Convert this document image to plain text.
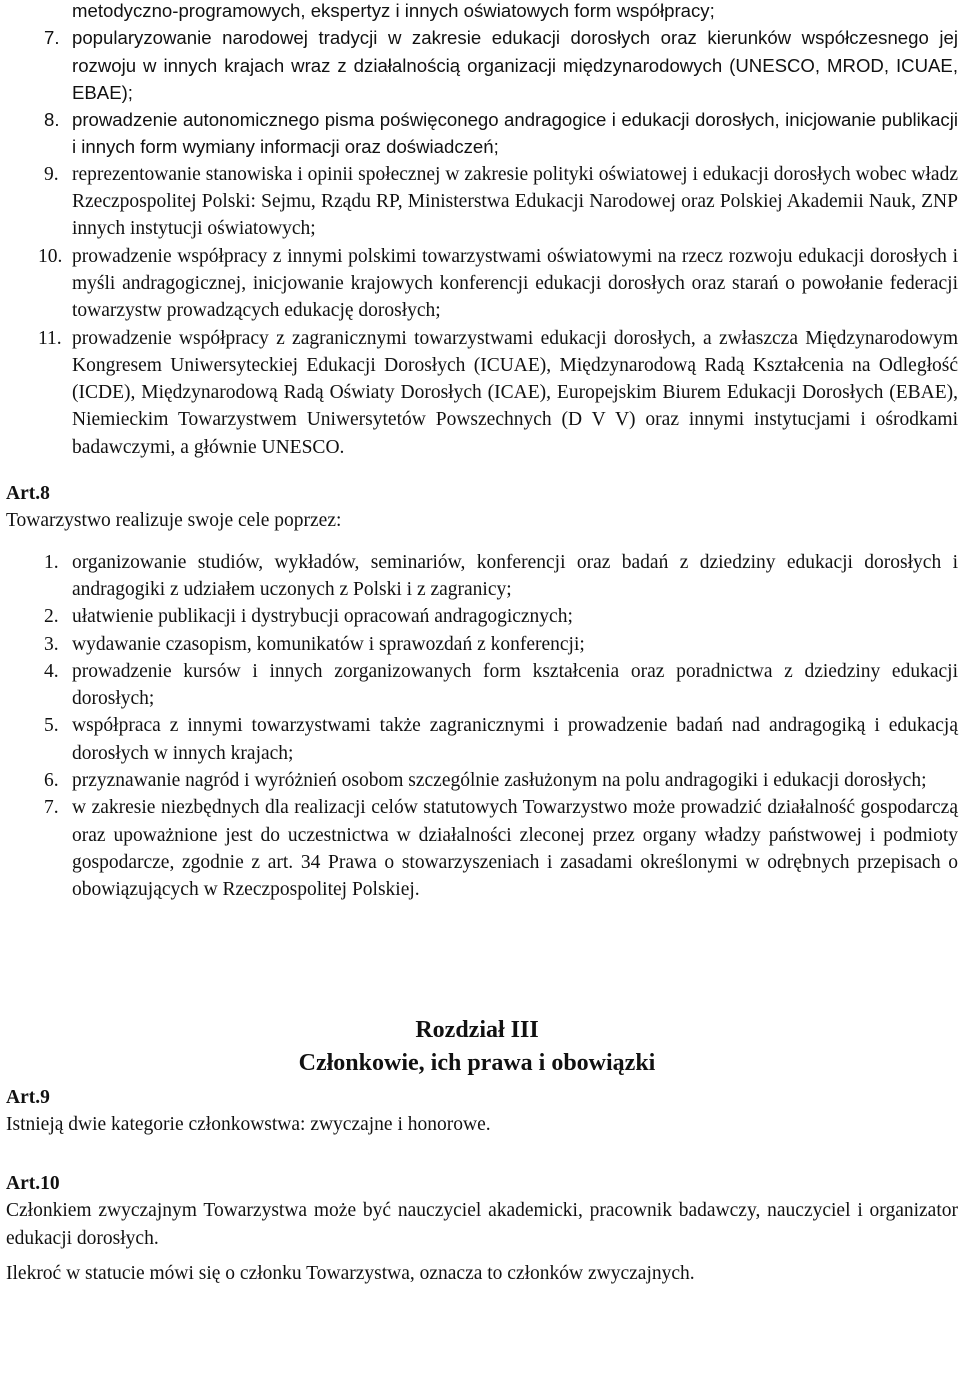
metodyczno-programowych, ekspertyz i innych oświatowych form współpracy;
7. popularyzowanie narodowej tradycji w zakresie edukacji dorosłych oraz kierunków współczesnego jej rozwoju w innych krajach wraz z działalnością organizacji międzynarodowych (UNESCO, MROD, ICUAE, EBAE);
8. prowadzenie autonomicznego pisma poświęconego andragogice i edukacji dorosłych, inicjowanie publikacji i innych form wymiany informacji oraz doświadczeń;
9. reprezentowanie stanowiska i opinii społecznej w zakresie polityki oświatowej i edukacji dorosłych wobec władz Rzeczpospolitej Polski: Sejmu, Rządu RP, Ministerstwa Edukacji Narodowej oraz Polskiej Akademii Nauk, ZNP innych instytucji oświatowych;
10. prowadzenie współpracy z innymi polskimi towarzystwami oświatowymi na rzecz rozwoju edukacji dorosłych i myśli andragogicznej, inicjowanie krajowych konferencji edukacji dorosłych oraz starań o powołanie federacji towarzystw prowadzących edukację dorosłych;
11. prowadzenie współpracy z zagranicznymi towarzystwami edukacji dorosłych, a zwłaszcza Międzynarodowym Kongresem Uniwersyteckiej Edukacji Dorosłych (ICUAE), Międzynarodową Radą Kształcenia na Odległość (ICDE), Międzynarodową Radą Oświaty Dorosłych (ICAE), Europejskim Biurem Edukacji Dorosłych (EBAE), Niemieckim Towarzystwem Uniwersytetów Powszechnych (D V V) oraz innymi instytucjami i ośrodkami badawczymi, a głównie UNESCO.
Art.8
Towarzystwo realizuje swoje cele poprzez:
1. organizowanie studiów, wykładów, seminariów, konferencji oraz badań z dziedziny edukacji dorosłych i andragogiki z udziałem uczonych z Polski i z zagranicy;
2. ułatwienie publikacji i dystrybucji opracowań andragogicznych;
3. wydawanie czasopism, komunikatów i sprawozdań z konferencji;
4. prowadzenie kursów i innych zorganizowanych form kształcenia oraz poradnictwa z dziedziny edukacji dorosłych;
5. współpraca z innymi towarzystwami także zagranicznymi i prowadzenie badań nad andragogiką i edukacją dorosłych w innych krajach;
6. przyznawanie nagród i wyróżnień osobom szczególnie zasłużonym na polu andragogiki i edukacji dorosłych;
7. w zakresie niezbędnych dla realizacji celów statutowych Towarzystwo może prowadzić działalność gospodarczą oraz upoważnione jest do uczestnictwa w działalności zleconej przez organy władzy państwowej i podmioty gospodarcze, zgodnie z art. 34 Prawa o stowarzyszeniach i zasadami określonymi w odrębnych przepisach o obowiązujących w Rzeczpospolitej Polskiej.
Rozdział III
Członkowie, ich prawa i obowiązki
Art.9
Istnieją dwie kategorie członkowstwa: zwyczajne i honorowe.
Art.10
Członkiem zwyczajnym Towarzystwa może być nauczyciel akademicki, pracownik badawczy, nauczyciel i organizator edukacji dorosłych.
Ilekroć w statucie mówi się o członku Towarzystwa, oznacza to członków zwyczajnych.
